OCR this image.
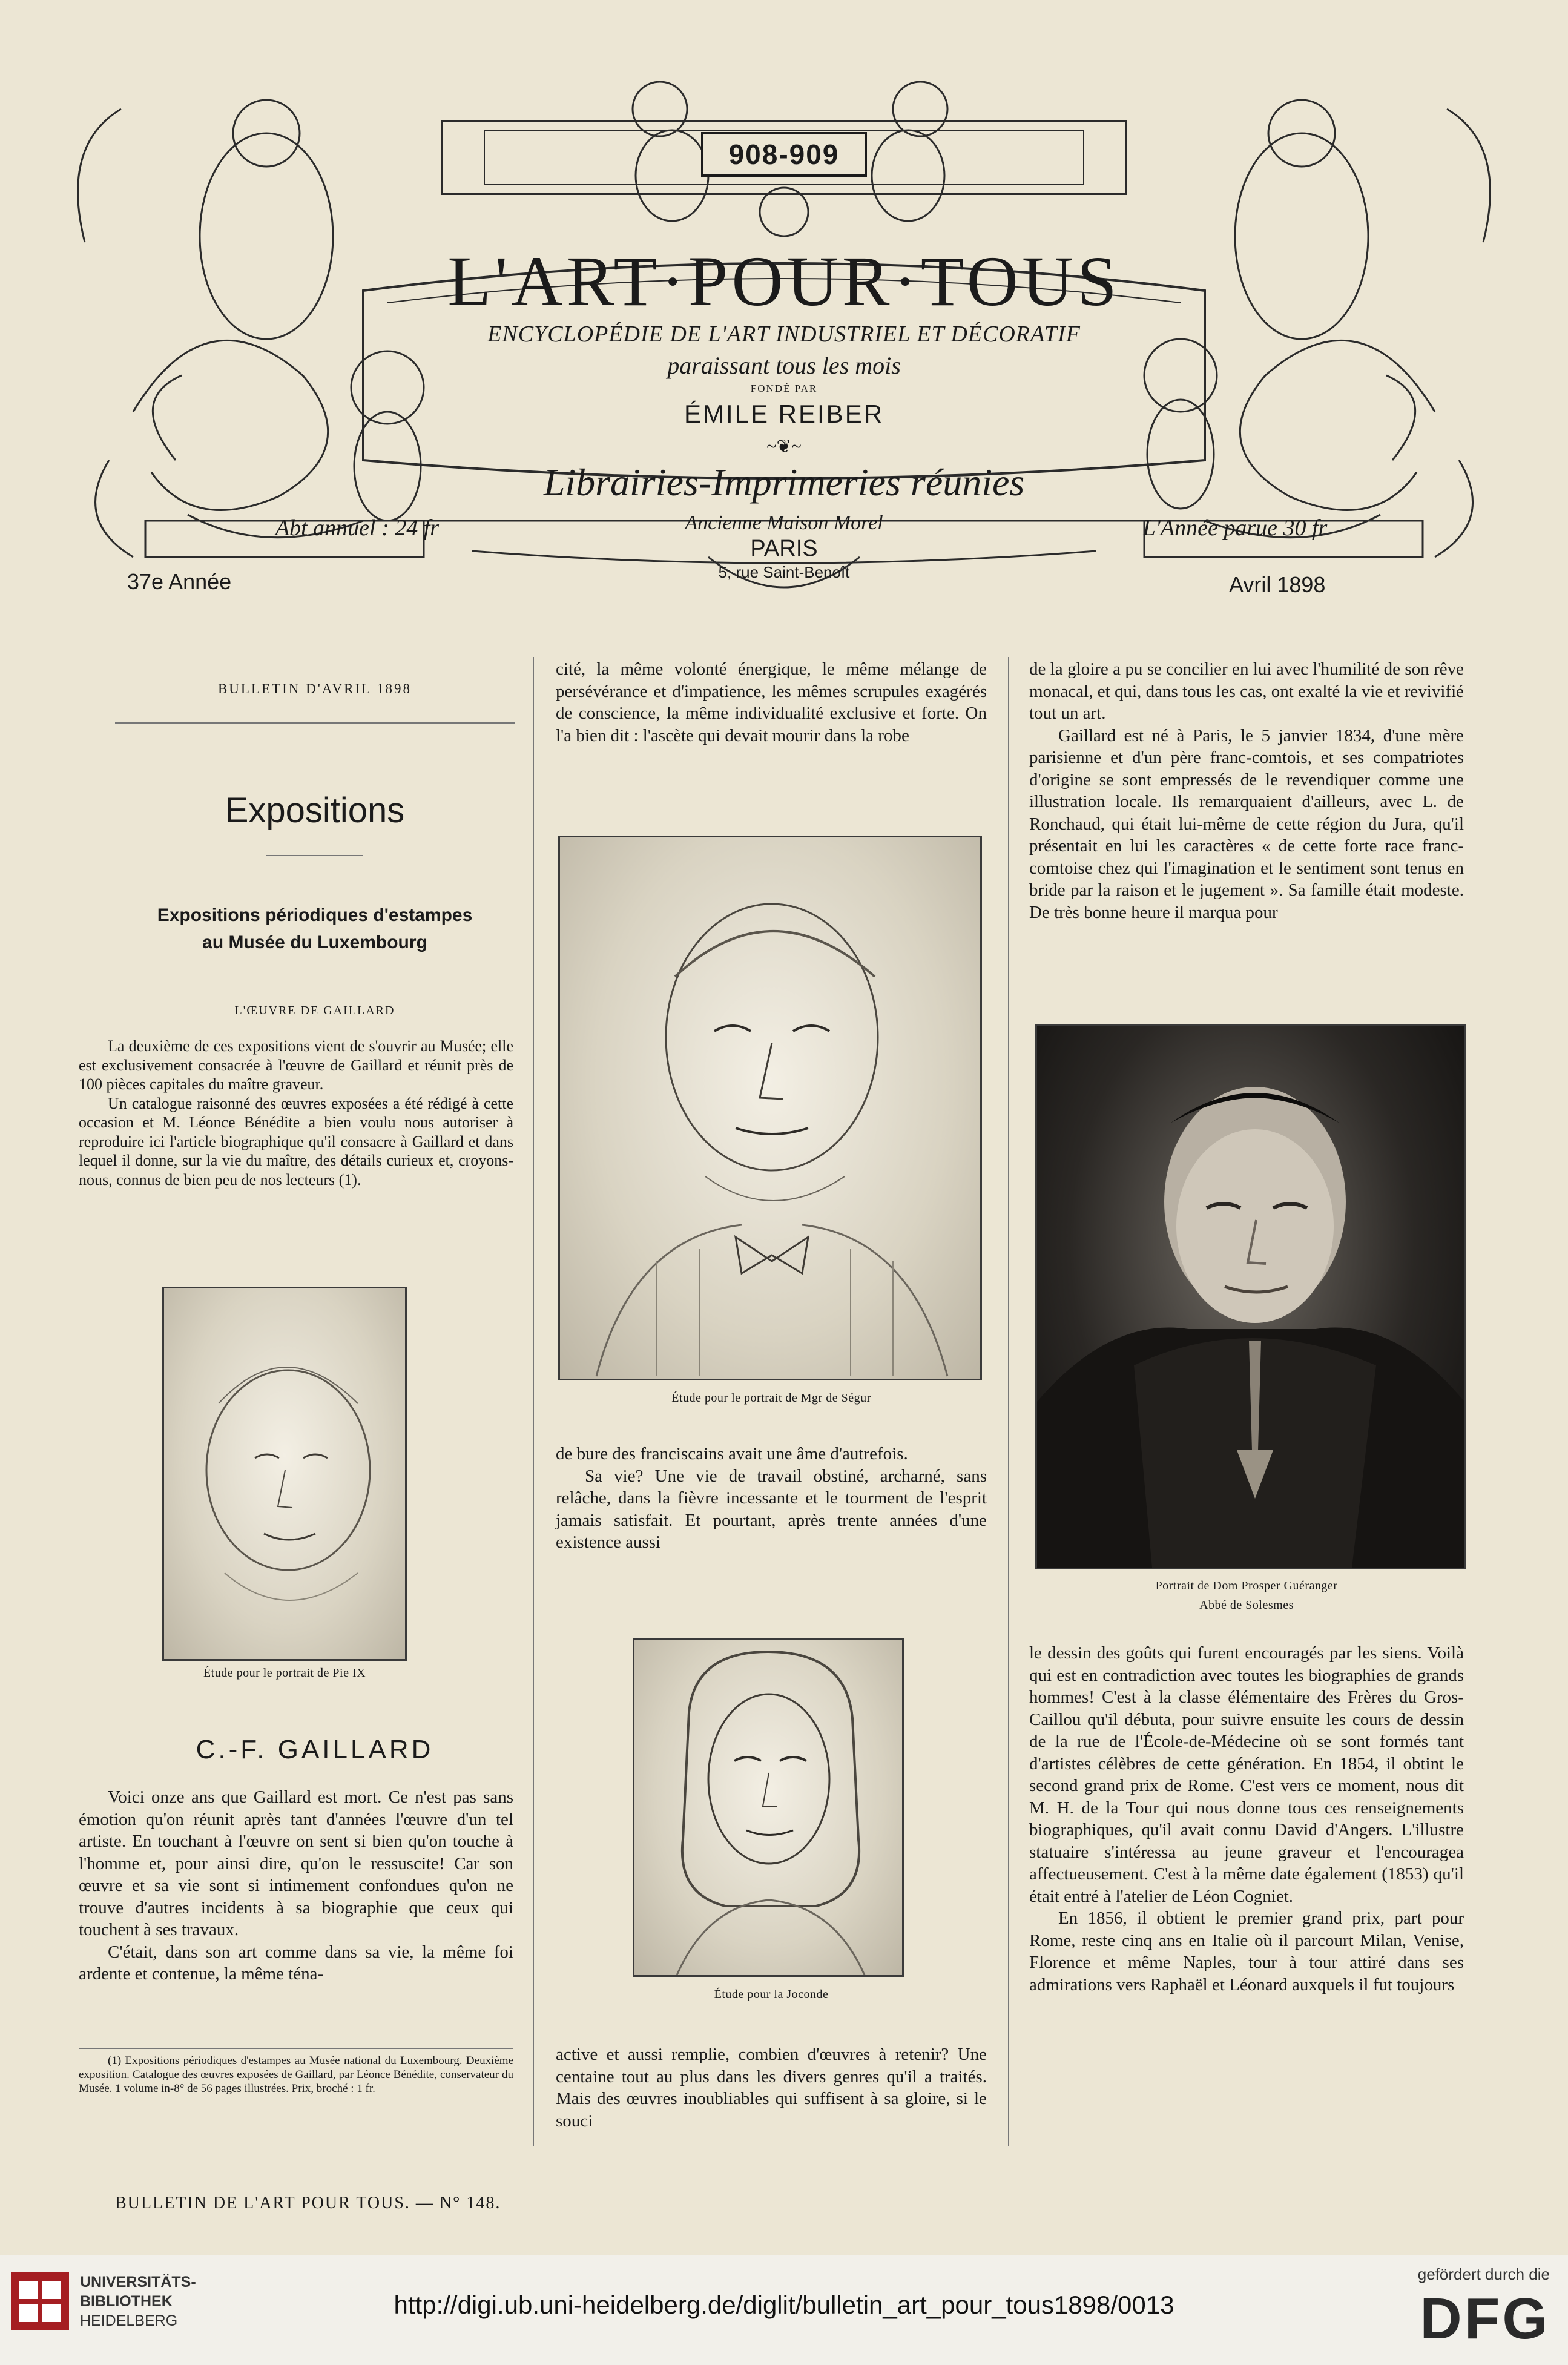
908-909
L'ART·POUR·TOUS
ENCYCLOPÉDIE DE L'ART INDUSTRIEL ET DÉCORATIF
paraissant tous les mois
FONDÉ PAR
ÉMILE REIBER
~❦~
Librairies-Imprimeries réunies
Ancienne Maison Morel
Abt annuel : 24 fr	L'Année parue 30 fr
PARIS
5, rue Saint-Benoît
37e Année	Avril 1898
BULLETIN D'AVRIL 1898
Expositions
Expositions périodiques d'estampes
au Musée du Luxembourg
L'ŒUVRE DE GAILLARD

La deuxième de ces expositions vient de s'ouvrir au Musée; elle est exclusivement consacrée à l'œuvre de Gaillard et réunit près de 100 pièces capitales du maître graveur.

Un catalogue raisonné des œuvres exposées a été rédigé à cette occasion et M. Léonce Bénédite a bien voulu nous autoriser à reproduire ici l'article biographique qu'il consacre à Gaillard et dans lequel il donne, sur la vie du maître, des détails curieux et, croyons-nous, connus de bien peu de nos lecteurs (1).

Étude pour le portrait de Pie IX
C.-F. GAILLARD

Voici onze ans que Gaillard est mort. Ce n'est pas sans émotion qu'on réunit après tant d'années l'œuvre d'un tel artiste. En touchant à l'œuvre on sent si bien qu'on touche à l'homme et, pour ainsi dire, qu'on le ressuscite! Car son œuvre et sa vie sont si intimement confondues qu'on ne trouve d'autres incidents à sa biographie que ceux qui touchent à ses travaux.

C'était, dans son art comme dans sa vie, la même foi ardente et contenue, la même téna-

(1) Expositions périodiques d'estampes au Musée national du Luxembourg. Deuxième exposition. Catalogue des œuvres exposées de Gaillard, par Léonce Bénédite, conservateur du Musée. 1 volume in-8° de 56 pages illustrées. Prix, broché : 1 fr.

cité, la même volonté énergique, le même mélange de persévérance et d'impatience, les mêmes scrupules exagérés de conscience, la même individualité exclusive et forte. On l'a bien dit : l'ascète qui devait mourir dans la robe

Étude pour le portrait de Mgr de Ségur

de bure des franciscains avait une âme d'autrefois.

Sa vie? Une vie de travail obstiné, archarné, sans relâche, dans la fièvre incessante et le tourment de l'esprit jamais satisfait. Et pourtant, après trente années d'une existence aussi

Étude pour la Joconde

active et aussi remplie, combien d'œuvres à retenir? Une centaine tout au plus dans les divers genres qu'il a traités. Mais des œuvres inoubliables qui suffisent à sa gloire, si le souci

de la gloire a pu se concilier en lui avec l'humilité de son rêve monacal, et qui, dans tous les cas, ont exalté la vie et revivifié tout un art.

Gaillard est né à Paris, le 5 janvier 1834, d'une mère parisienne et d'un père franc-comtois, et ses compatriotes d'origine se sont empressés de le revendiquer comme une illustration locale. Ils remarquaient d'ailleurs, avec L. de Ronchaud, qui était lui-même de cette région du Jura, qu'il présentait en lui les caractères « de cette forte race franc-comtoise chez qui l'imagination et le sentiment sont tenus en bride par la raison et le jugement ». Sa famille était modeste. De très bonne heure il marqua pour

Portrait de Dom Prosper Guéranger
Abbé de Solesmes

le dessin des goûts qui furent encouragés par les siens. Voilà qui est en contradiction avec toutes les biographies de grands hommes! C'est à la classe élémentaire des Frères du Gros-Caillou qu'il débuta, pour suivre ensuite les cours de dessin de la rue de l'École-de-Médecine où se sont formés tant d'artistes célèbres de cette génération. En 1854, il obtint le second grand prix de Rome. C'est vers ce moment, nous dit M. H. de la Tour qui nous donne tous ces renseignements biographiques, qu'il avait connu David d'Angers. L'illustre statuaire s'intéressa au jeune graveur et l'encouragea affectueusement. C'est à la même date également (1853) qu'il était entré à l'atelier de Léon Cogniet.

En 1856, il obtient le premier grand prix, part pour Rome, reste cinq ans en Italie où il parcourt Milan, Venise, Florence et même Naples, tour à tour attiré dans ses admirations vers Raphaël et Léonard auxquels il fut toujours

BULLETIN DE L'ART POUR TOUS. — N° 148.
UNIVERSITÄTS-
BIBLIOTHEK
HEIDELBERG
http://digi.ub.uni-heidelberg.de/diglit/bulletin_art_pour_tous1898/0013
gefördert durch die
DFG
